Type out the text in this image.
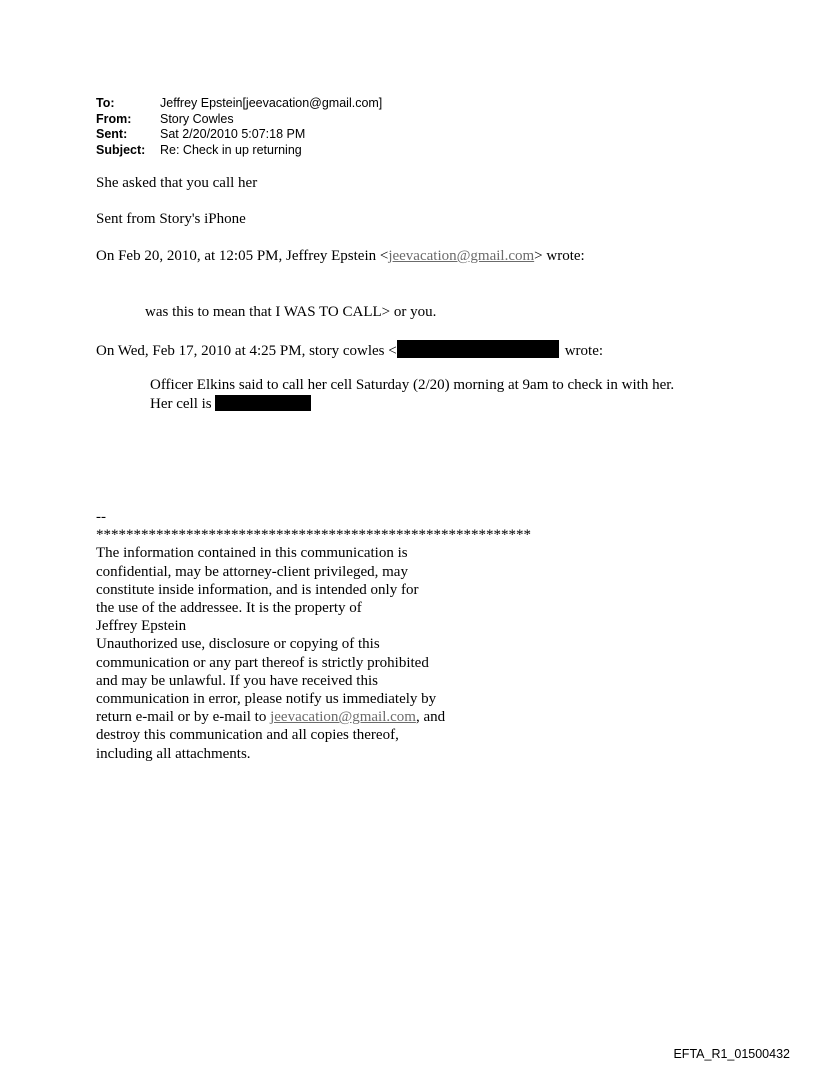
To:	Jeffrey Epstein[jeevacation@gmail.com]
From:	Story Cowles
Sent:	Sat 2/20/2010 5:07:18 PM
Subject:	Re: Check in up returning
She asked that you call her
Sent from Story's iPhone
On Feb 20, 2010, at 12:05 PM, Jeffrey Epstein <jeevacation@gmail.com> wrote:
was this to mean that I WAS TO CALL> or you.
On Wed, Feb 17, 2010 at 4:25 PM, story cowles <	wrote:
Officer Elkins said to call her cell Saturday (2/20) morning at 9am to check in with her.
Her cell is
--
**********************************************************
The information contained in this communication is
confidential, may be attorney-client privileged, may
constitute inside information, and is intended only for
the use of the addressee. It is the property of
Jeffrey Epstein
Unauthorized use, disclosure or copying of this
communication or any part thereof is strictly prohibited
and may be unlawful. If you have received this
communication in error, please notify us immediately by
return e-mail or by e-mail to jeevacation@gmail.com, and
destroy this communication and all copies thereof,
including all attachments.
EFTA_R1_01500432
